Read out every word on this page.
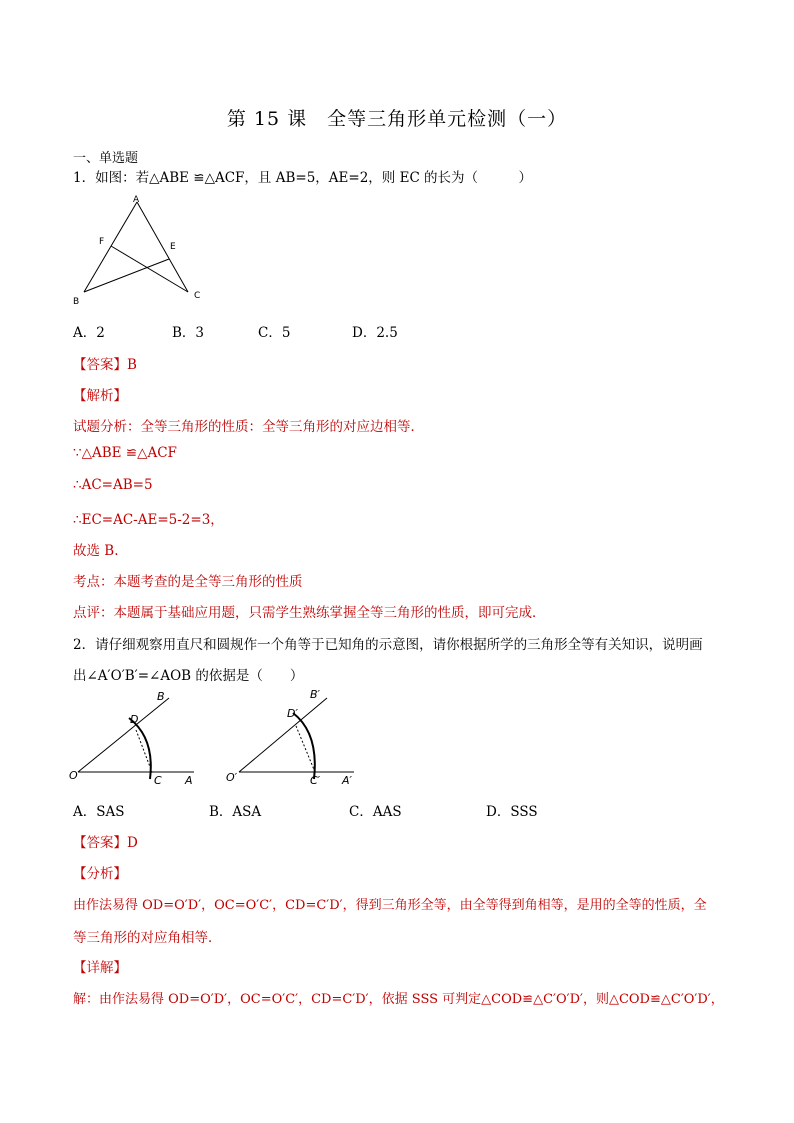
第 15 课　全等三角形单元检测（一）
一、单选题
1．如图：若△ABE ≌△ACF，且 AB=5，AE=2，则 EC 的长为（　　　）
A
B
C
E
F
A．2	B．3	C．5	D．2.5
【答案】B
【解析】
试题分析：全等三角形的性质：全等三角形的对应边相等．
∵△ABE ≌△ACF
∴AC=AB=5
∴EC=AC-AE=5-2=3，
故选 B.
考点：本题考查的是全等三角形的性质
点评：本题属于基础应用题，只需学生熟练掌握全等三角形的性质，即可完成．
2．请仔细观察用直尺和圆规作一个角等于已知角的示意图，请你根据所学的三角形全等有关知识，说明画
出∠A′O′B′=∠AOB 的依据是（　　）
O	A
B
C
D
O′	A′
B′
C′
D′
A．SAS	B．ASA	C．AAS	D．SSS
【答案】D
【分析】
由作法易得 OD=O′D′，OC=O′C′，CD=C′D′，得到三角形全等，由全等得到角相等，是用的全等的性质，全
等三角形的对应角相等．
【详解】
解：由作法易得 OD=O′D′，OC=O′C′，CD=C′D′，依据 SSS 可判定△COD≌△C′O′D′，则△COD≌△C′O′D′，
